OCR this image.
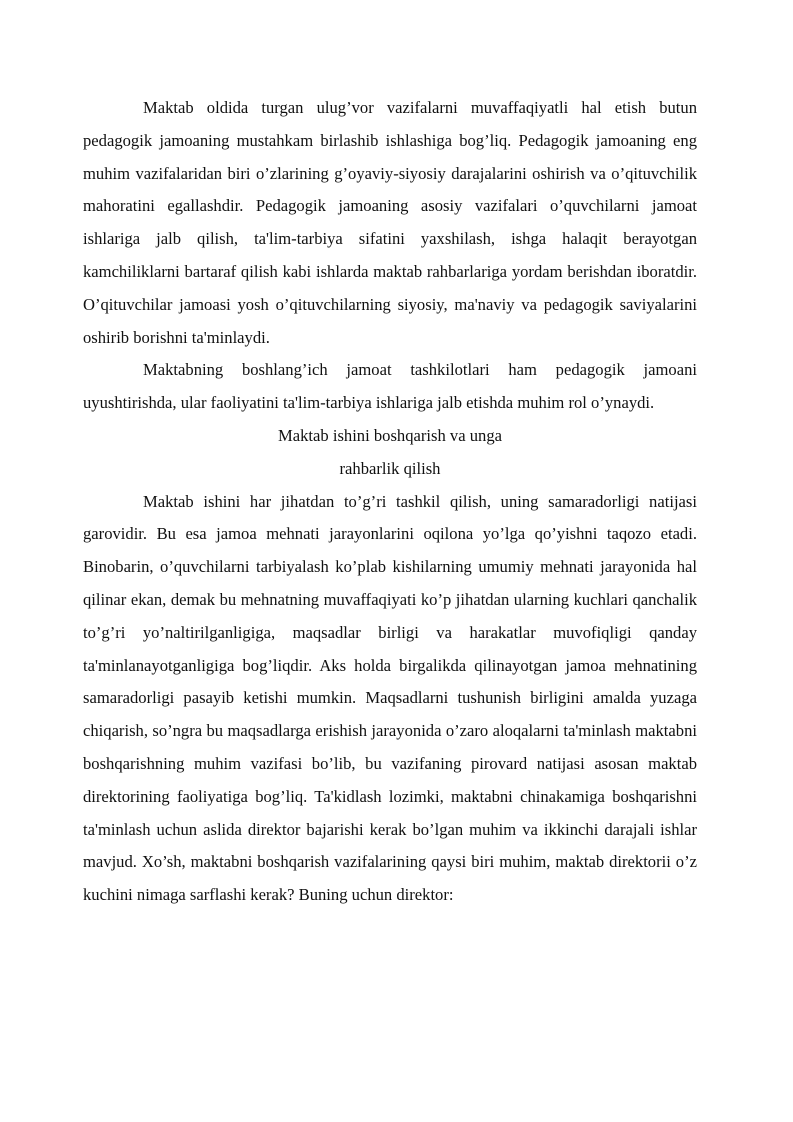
Maktab oldida turgan ulug’vor vazifalarni muvaffaqiyatli hal etish butun pedagogik jamoaning mustahkam birlashib ishlashiga bog’liq. Pedagogik jamoaning eng muhim vazifalaridan biri o’zlarining g’oyaviy-siyosiy darajalarini oshirish va o’qituvchilik mahoratini egallashdir. Pedagogik jamoaning asosiy vazifalari o’quvchilarni jamoat ishlariga jalb qilish, ta'lim-tarbiya sifatini yaxshilash, ishga halaqit berayotgan kamchiliklarni bartaraf qilish kabi ishlarda maktab rahbarlariga yordam berishdan iboratdir. O’qituvchilar jamoasi yosh o’qituvchilarning siyosiy, ma'naviy va pedagogik saviyalarini oshirib borishni ta'minlaydi.

Maktabning boshlang’ich jamoat tashkilotlari ham pedagogik jamoani uyushtirishda, ular faoliyatini ta'lim-tarbiya ishlariga jalb etishda muhim rol o’ynaydi.

Maktab ishini boshqarish va unga

rahbarlik qilish

Maktab ishini har jihatdan to’g’ri tashkil qilish, uning samaradorligi natijasi garovidir. Bu esa jamoa mehnati jarayonlarini oqilona yo’lga qo’yishni taqozo etadi. Binobarin, o’quvchilarni tarbiyalash ko’plab kishilarning umumiy mehnati jarayonida hal qilinar ekan, demak bu mehnatning muvaffaqiyati ko’p jihatdan ularning kuchlari qanchalik to’g’ri yo’naltirilganligiga, maqsadlar birligi va harakatlar muvofiqligi qanday ta'minlanayotganligiga bog’liqdir. Aks holda birgalikda qilinayotgan jamoa mehnatining samaradorligi pasayib ketishi mumkin. Maqsadlarni tushunish birligini amalda yuzaga chiqarish, so’ngra bu maqsadlarga erishish jarayonida o’zaro aloqalarni ta'minlash maktabni boshqarishning muhim vazifasi bo’lib, bu vazifaning pirovard natijasi asosan maktab direktorining faoliyatiga bog’liq. Ta'kidlash lozimki, maktabni chinakamiga boshqarishni ta'minlash uchun aslida direktor bajarishi kerak bo’lgan muhim va ikkinchi darajali ishlar mavjud. Xo’sh, maktabni boshqarish vazifalarining qaysi biri muhim, maktab direktorii o’z kuchini nimaga sarflashi kerak? Buning uchun direktor:
